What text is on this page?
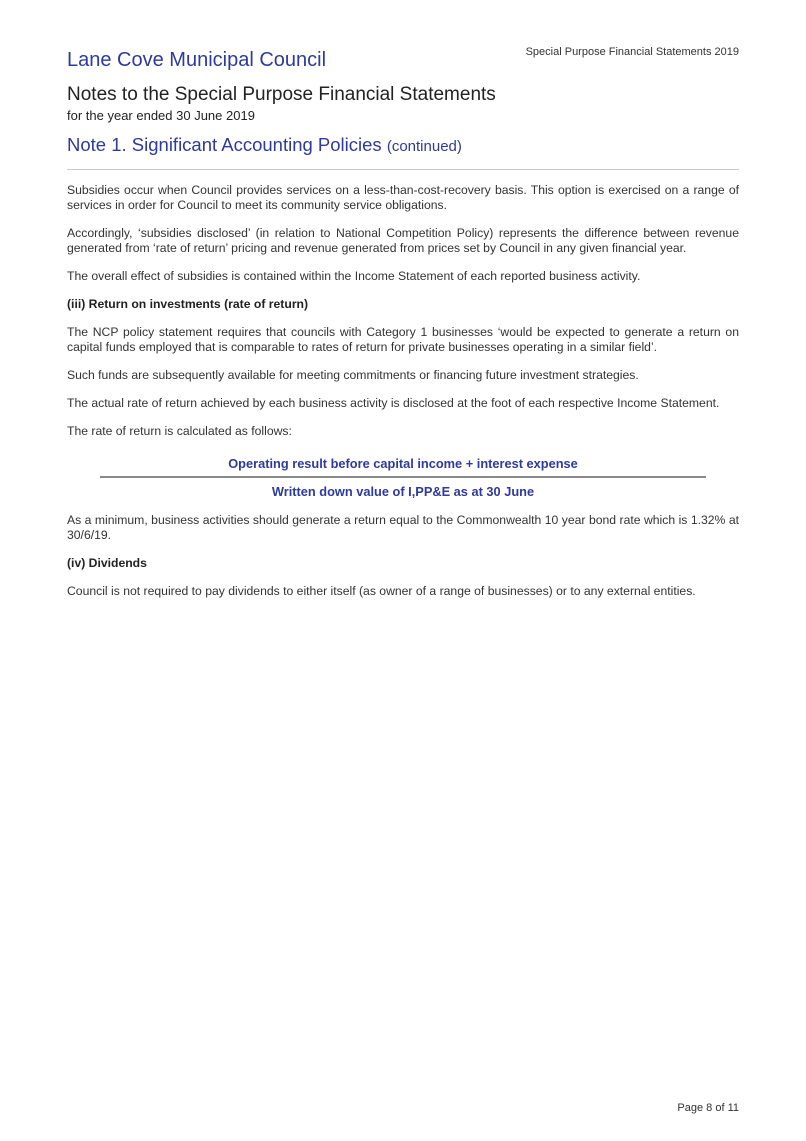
Lane Cove Municipal Council	Special Purpose Financial Statements 2019
Notes to the Special Purpose Financial Statements
for the year ended 30 June 2019
Note 1. Significant Accounting Policies (continued)

Subsidies occur when Council provides services on a less-than-cost-recovery basis. This option is exercised on a range of services in order for Council to meet its community service obligations.

Accordingly, ‘subsidies disclosed’ (in relation to National Competition Policy) represents the difference between revenue generated from ‘rate of return’ pricing and revenue generated from prices set by Council in any given financial year.

The overall effect of subsidies is contained within the Income Statement of each reported business activity.

(iii) Return on investments (rate of return)

The NCP policy statement requires that councils with Category 1 businesses ‘would be expected to generate a return on capital funds employed that is comparable to rates of return for private businesses operating in a similar field’.

Such funds are subsequently available for meeting commitments or financing future investment strategies.

The actual rate of return achieved by each business activity is disclosed at the foot of each respective Income Statement.

The rate of return is calculated as follows:

Operating result before capital income + interest expense
Written down value of I,PP&E as at 30 June

As a minimum, business activities should generate a return equal to the Commonwealth 10 year bond rate which is 1.32% at 30/6/19.

(iv) Dividends

Council is not required to pay dividends to either itself (as owner of a range of businesses) or to any external entities.

Page 8 of 11
